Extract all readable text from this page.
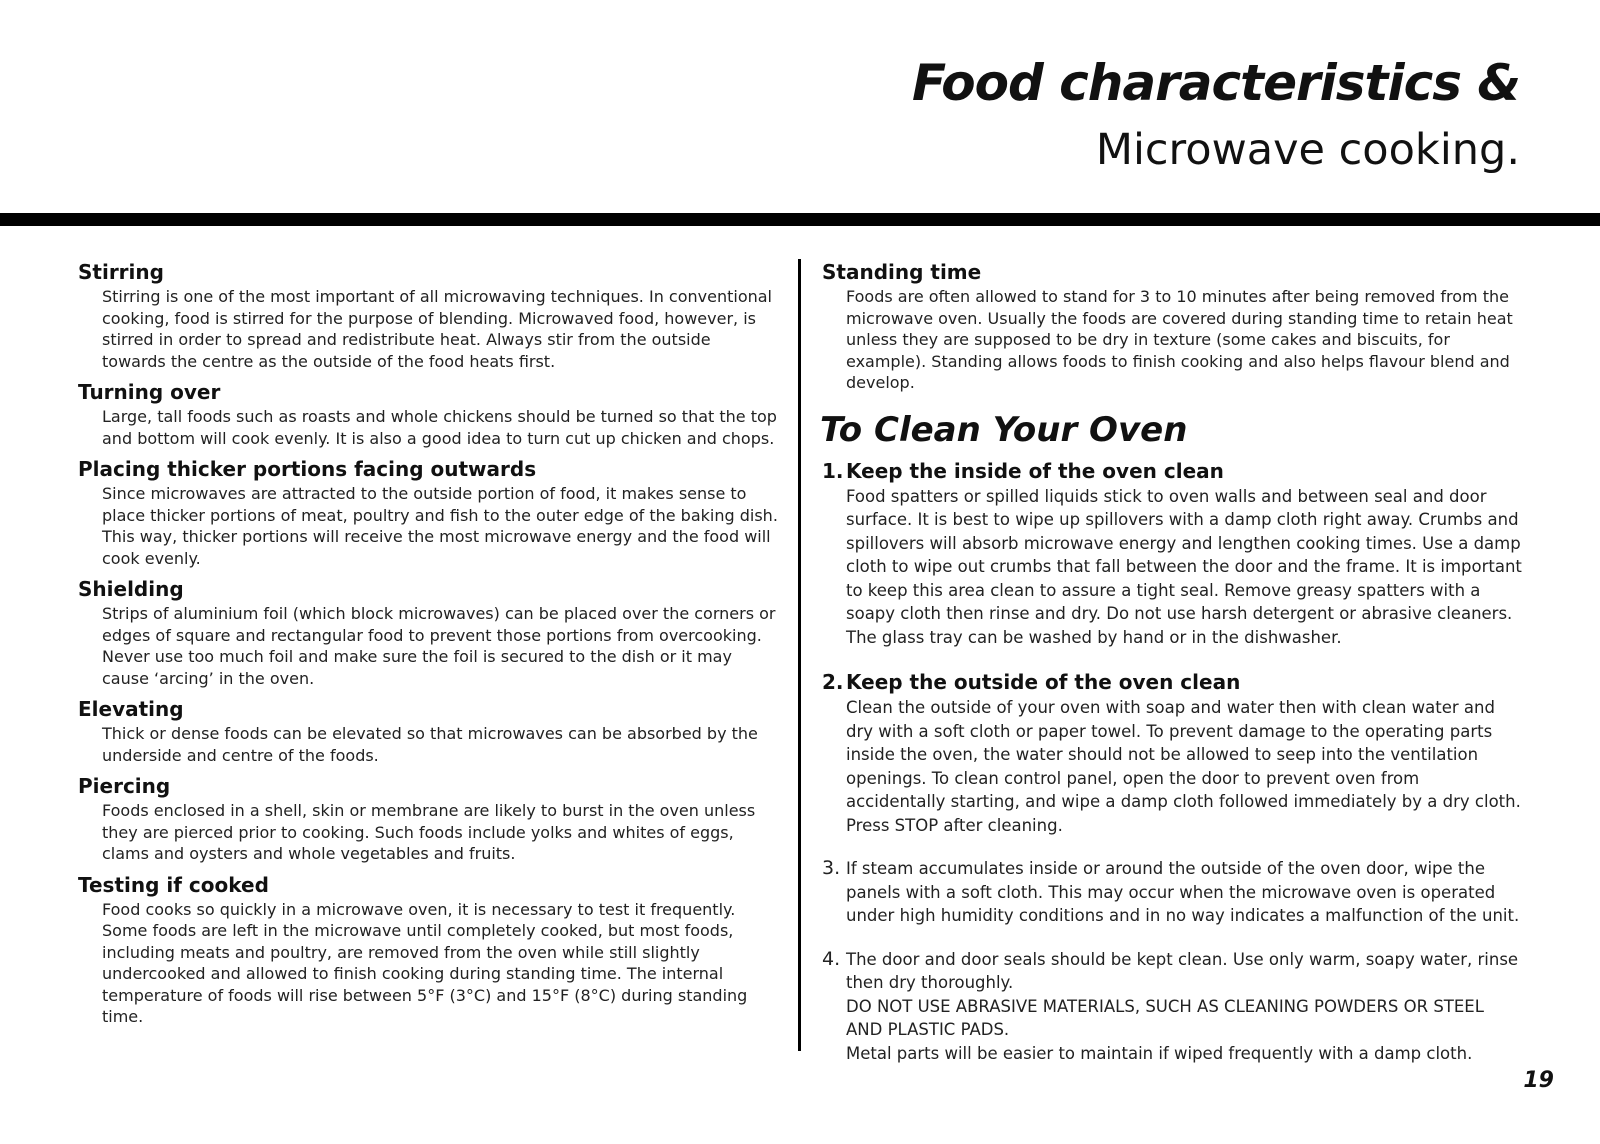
Food characteristics &
Microwave cooking.

Stirring

Stirring is one of the most important of all microwaving techniques. In conventional cooking, food is stirred for the purpose of blending. Microwaved food, however, is stirred in order to spread and redistribute heat. Always stir from the outside towards the centre as the outside of the food heats first.

Turning over

Large, tall foods such as roasts and whole chickens should be turned so that the top and bottom will cook evenly. It is also a good idea to turn cut up chicken and chops.

Placing thicker portions facing outwards

Since microwaves are attracted to the outside portion of food, it makes sense to place thicker portions of meat, poultry and fish to the outer edge of the baking dish. This way, thicker portions will receive the most microwave energy and the food will cook evenly.

Shielding

Strips of aluminium foil (which block microwaves) can be placed over the corners or edges of square and rectangular food to prevent those portions from overcooking. Never use too much foil and make sure the foil is secured to the dish or it may cause ‘arcing’ in the oven.

Elevating

Thick or dense foods can be elevated so that microwaves can be absorbed by the underside and centre of the foods.

Piercing

Foods enclosed in a shell, skin or membrane are likely to burst in the oven unless they are pierced prior to cooking. Such foods include yolks and whites of eggs, clams and oysters and whole vegetables and fruits.

Testing if cooked

Food cooks so quickly in a microwave oven, it is necessary to test it frequently. Some foods are left in the microwave until completely cooked, but most foods, including meats and poultry, are removed from the oven while still slightly undercooked and allowed to finish cooking during standing time. The internal temperature of foods will rise between 5°F (3°C) and 15°F (8°C) during standing time.

Standing time

Foods are often allowed to stand for 3 to 10 minutes after being removed from the microwave oven. Usually the foods are covered during standing time to retain heat unless they are supposed to be dry in texture (some cakes and biscuits, for example). Standing allows foods to finish cooking and also helps flavour blend and develop.

To Clean Your Oven
1. Keep the inside of the oven clean
Food spatters or spilled liquids stick to oven walls and between seal and door surface. It is best to wipe up spillovers with a damp cloth right away. Crumbs and spillovers will absorb microwave energy and lengthen cooking times. Use a damp cloth to wipe out crumbs that fall between the door and the frame. It is important to keep this area clean to assure a tight seal. Remove greasy spatters with a soapy cloth then rinse and dry. Do not use harsh detergent or abrasive cleaners. The glass tray can be washed by hand or in the dishwasher.
2. Keep the outside of the oven clean
Clean the outside of your oven with soap and water then with clean water and dry with a soft cloth or paper towel. To prevent damage to the operating parts inside the oven, the water should not be allowed to seep into the ventilation openings. To clean control panel, open the door to prevent oven from accidentally starting, and wipe a damp cloth followed immediately by a dry cloth. Press STOP after cleaning.
3. If steam accumulates inside or around the outside of the oven door, wipe the panels with a soft cloth. This may occur when the microwave oven is operated under high humidity conditions and in no way indicates a malfunction of the unit.
4. The door and door seals should be kept clean. Use only warm, soapy water, rinse then dry thoroughly.
DO NOT USE ABRASIVE MATERIALS, SUCH AS CLEANING POWDERS OR STEEL AND PLASTIC PADS.
Metal parts will be easier to maintain if wiped frequently with a damp cloth.
19
